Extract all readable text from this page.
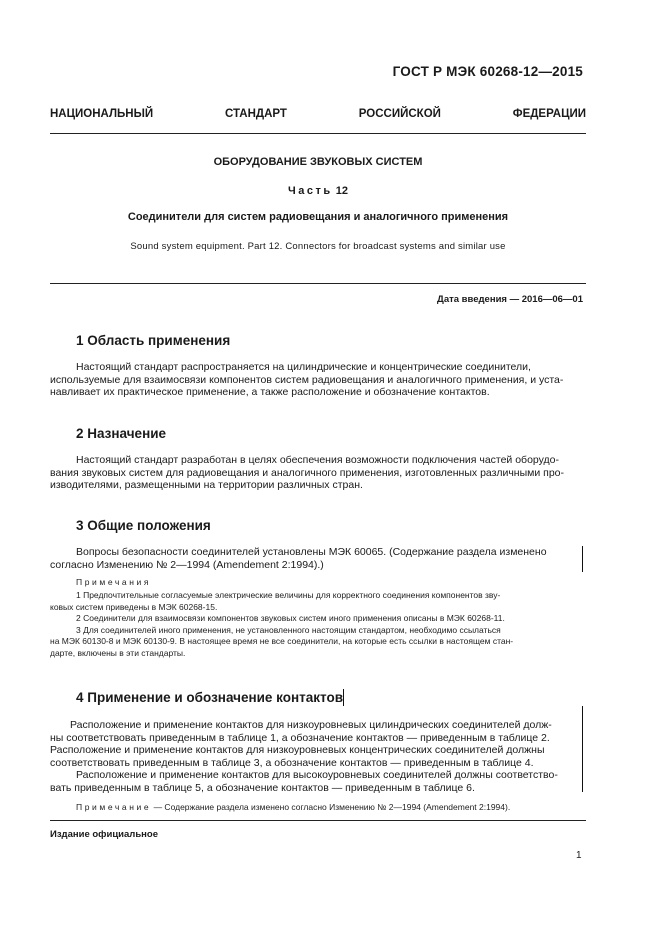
ГОСТ Р МЭК 60268-12—2015
НАЦИОНАЛЬНЫЙ СТАНДАРТ РОССИЙСКОЙ ФЕДЕРАЦИИ
ОБОРУДОВАНИЕ ЗВУКОВЫХ СИСТЕМ
Часть 12
Соединители для систем радиовещания и аналогичного применения
Sound system equipment. Part 12. Connectors for broadcast systems and similar use
Дата введения — 2016—06—01
1 Область применения
Настоящий стандарт распространяется на цилиндрические и концентрические соединители,
используемые для взаимосвязи компонентов систем радиовещания и аналогичного применения, и уста-
навливает их практическое применение, а также расположение и обозначение контактов.
2 Назначение
Настоящий стандарт разработан в целях обеспечения возможности подключения частей оборудо-
вания звуковых систем для радиовещания и аналогичного применения, изготовленных различными про-
изводителями, размещенными на территории различных стран.
3 Общие положения
Вопросы безопасности соединителей установлены МЭК 60065. (Содержание раздела изменено
согласно Изменению № 2—1994 (Amendement 2:1994).)
Примечания
1 Предпочтительные согласуемые электрические величины для корректного соединения компонентов зву-
ковых систем приведены в МЭК 60268-15.
2 Соединители для взаимосвязи компонентов звуковых систем иного применения описаны в МЭК 60268-11.
3 Для соединителей иного применения, не установленного настоящим стандартом, необходимо ссылаться
на МЭК 60130-8 и МЭК 60130-9. В настоящее время не все соединители, на которые есть ссылки в настоящем стан-
дарте, включены в эти стандарты.
4 Применение и обозначение контактов
Расположение и применение контактов для низкоуровневых цилиндрических соединителей долж-
ны соответствовать приведенным в таблице 1, а обозначение контактов — приведенным в таблице 2.
Расположение и применение контактов для низкоуровневых концентрических соединителей должны
соответствовать приведенным в таблице 3, а обозначение контактов — приведенным в таблице 4.
Расположение и применение контактов для высокоуровневых соединителей должны соответство-
вать приведенным в таблице 5, а обозначение контактов — приведенным в таблице 6.
Примечание — Содержание раздела изменено согласно Изменению № 2—1994 (Amendement 2:1994).
Издание официальное
1
